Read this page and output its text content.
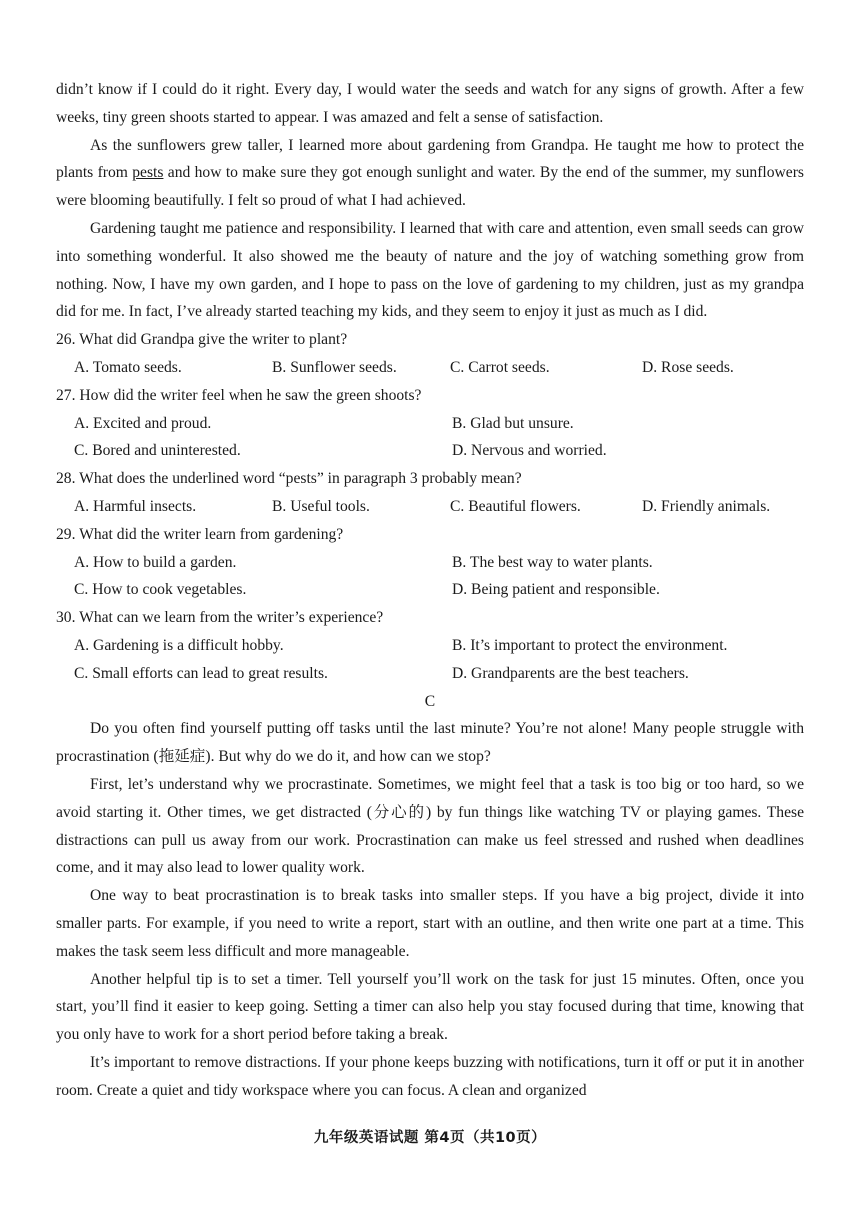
didn’t know if I could do it right. Every day, I would water the seeds and watch for any signs of growth. After a few weeks, tiny green shoots started to appear. I was amazed and felt a sense of satisfaction.

As the sunflowers grew taller, I learned more about gardening from Grandpa. He taught me how to protect the plants from pests and how to make sure they got enough sunlight and water. By the end of the summer, my sunflowers were blooming beautifully. I felt so proud of what I had achieved.

Gardening taught me patience and responsibility. I learned that with care and attention, even small seeds can grow into something wonderful. It also showed me the beauty of nature and the joy of watching something grow from nothing. Now, I have my own garden, and I hope to pass on the love of gardening to my children, just as my grandpa did for me. In fact, I’ve already started teaching my kids, and they seem to enjoy it just as much as I did.

26. What did Grandpa give the writer to plant?

A. Tomato seeds.	B. Sunflower seeds.	C. Carrot seeds.	D. Rose seeds.

27. How did the writer feel when he saw the green shoots?

A. Excited and proud.	B. Glad but unsure.
C. Bored and uninterested.	D. Nervous and worried.

28. What does the underlined word “pests” in paragraph 3 probably mean?

A. Harmful insects.	B. Useful tools.	C. Beautiful flowers.	D. Friendly animals.

29. What did the writer learn from gardening?

A. How to build a garden.	B. The best way to water plants.
C. How to cook vegetables.	D. Being patient and responsible.

30. What can we learn from the writer’s experience?

A. Gardening is a difficult hobby.	B. It’s important to protect the environment.
C. Small efforts can lead to great results.	D. Grandparents are the best teachers.

C

Do you often find yourself putting off tasks until the last minute? You’re not alone! Many people struggle with procrastination (拖延症). But why do we do it, and how can we stop?

First, let’s understand why we procrastinate. Sometimes, we might feel that a task is too big or too hard, so we avoid starting it. Other times, we get distracted (分心的) by fun things like watching TV or playing games. These distractions can pull us away from our work. Procrastination can make us feel stressed and rushed when deadlines come, and it may also lead to lower quality work.

One way to beat procrastination is to break tasks into smaller steps. If you have a big project, divide it into smaller parts. For example, if you need to write a report, start with an outline, and then write one part at a time. This makes the task seem less difficult and more manageable.

Another helpful tip is to set a timer. Tell yourself you’ll work on the task for just 15 minutes. Often, once you start, you’ll find it easier to keep going. Setting a timer can also help you stay focused during that time, knowing that you only have to work for a short period before taking a break.

It’s important to remove distractions. If your phone keeps buzzing with notifications, turn it off or put it in another room. Create a quiet and tidy workspace where you can focus. A clean and organized

九年级英语试题 第4页（共10页）
